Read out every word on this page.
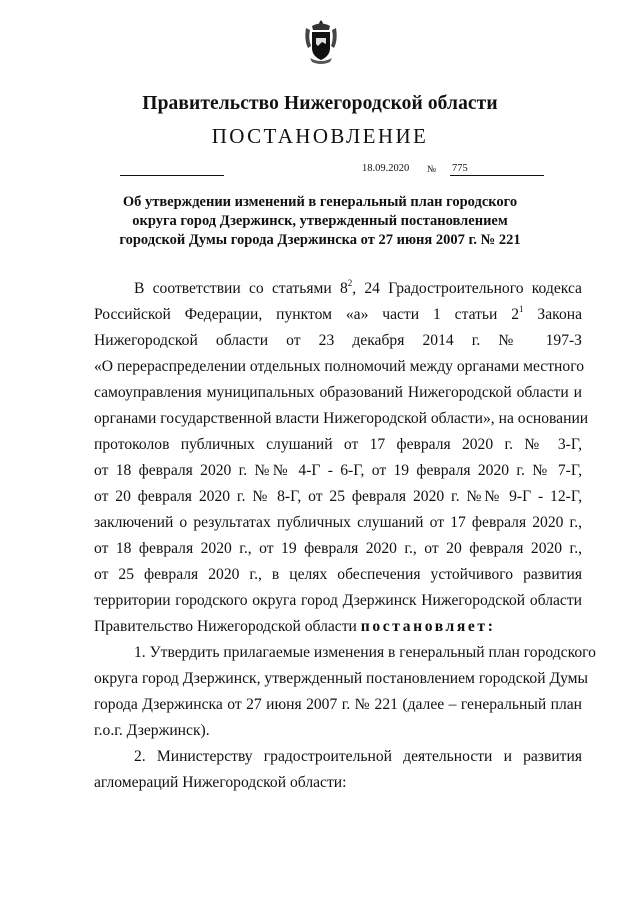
Правительство Нижегородской области
ПОСТАНОВЛЕНИЕ
18.09.2020 № 775
Об утверждении изменений в генеральный план городского
округа город Дзержинск, утвержденный постановлением
городской Думы города Дзержинска от 27 июня 2007 г. № 221
В соответствии со статьями $8^2$, 24 Градостроительного кодекса
Российской Федерации, пунктом «а» части 1 статьи $2^1$ Закона
Нижегородской области от 23 декабря 2014 г. № 197-З
«О перераспределении отдельных полномочий между органами местного
самоуправления муниципальных образований Нижегородской области и
органами государственной власти Нижегородской области», на основании
протоколов публичных слушаний от 17 февраля 2020 г. № 3-Г,
от 18 февраля 2020 г. №№ 4-Г - 6-Г, от 19 февраля 2020 г. № 7-Г,
от 20 февраля 2020 г. № 8-Г, от 25 февраля 2020 г. №№ 9-Г - 12-Г,
заключений о результатах публичных слушаний от 17 февраля 2020 г.,
от 18 февраля 2020 г., от 19 февраля 2020 г., от 20 февраля 2020 г.,
от 25 февраля 2020 г., в целях обеспечения устойчивого развития
территории городского округа город Дзержинск Нижегородской области
Правительство Нижегородской области постановляет:
1. Утвердить прилагаемые изменения в генеральный план городского
округа город Дзержинск, утвержденный постановлением городской Думы
города Дзержинска от 27 июня 2007 г. № 221 (далее – генеральный план
г.о.г. Дзержинск).
2. Министерству градостроительной деятельности и развития
агломераций Нижегородской области:
